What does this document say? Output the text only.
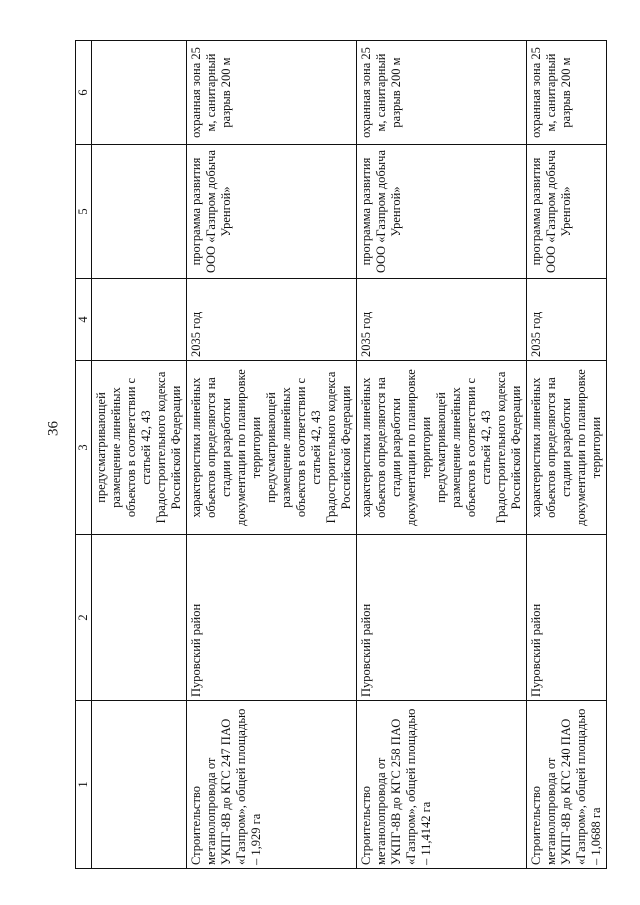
36
1	2	3	4	5	6
		предусматривающей размещение линейных объектов в соответствии с статьей 42, 43 Градостроительного кодекса Российской Федерации			
Строительство метанолопровода от УКПГ-8В до КГС 247 ПАО «Газпром», общей площадью – 1,929 га	Пуровский район	характеристики линейных объектов определяются на стадии разработки документации по планировке территории предусматривающей размещение линейных объектов в соответствии с статьей 42, 43 Градостроительного кодекса Российской Федерации	2035 год	программа развития ООО «Газпром добыча Уренгой»	охранная зона 25 м, санитарный разрыв 200 м
Строительство метанолопровода от УКПГ-8В до КГС 258 ПАО «Газпром», общей площадью – 11,4142 га	Пуровский район	характеристики линейных объектов определяются на стадии разработки документации по планировке территории предусматривающей размещение линейных объектов в соответствии с статьей 42, 43 Градостроительного кодекса Российской Федерации	2035 год	программа развития ООО «Газпром добыча Уренгой»	охранная зона 25 м, санитарный разрыв 200 м
Строительство метанолопровода от УКПГ-8В до КГС 240 ПАО «Газпром», общей площадью – 1,0688 га	Пуровский район	характеристики линейных объектов определяются на стадии разработки документации по планировке территории	2035 год	программа развития ООО «Газпром добыча Уренгой»	охранная зона 25 м, санитарный разрыв 200 м
